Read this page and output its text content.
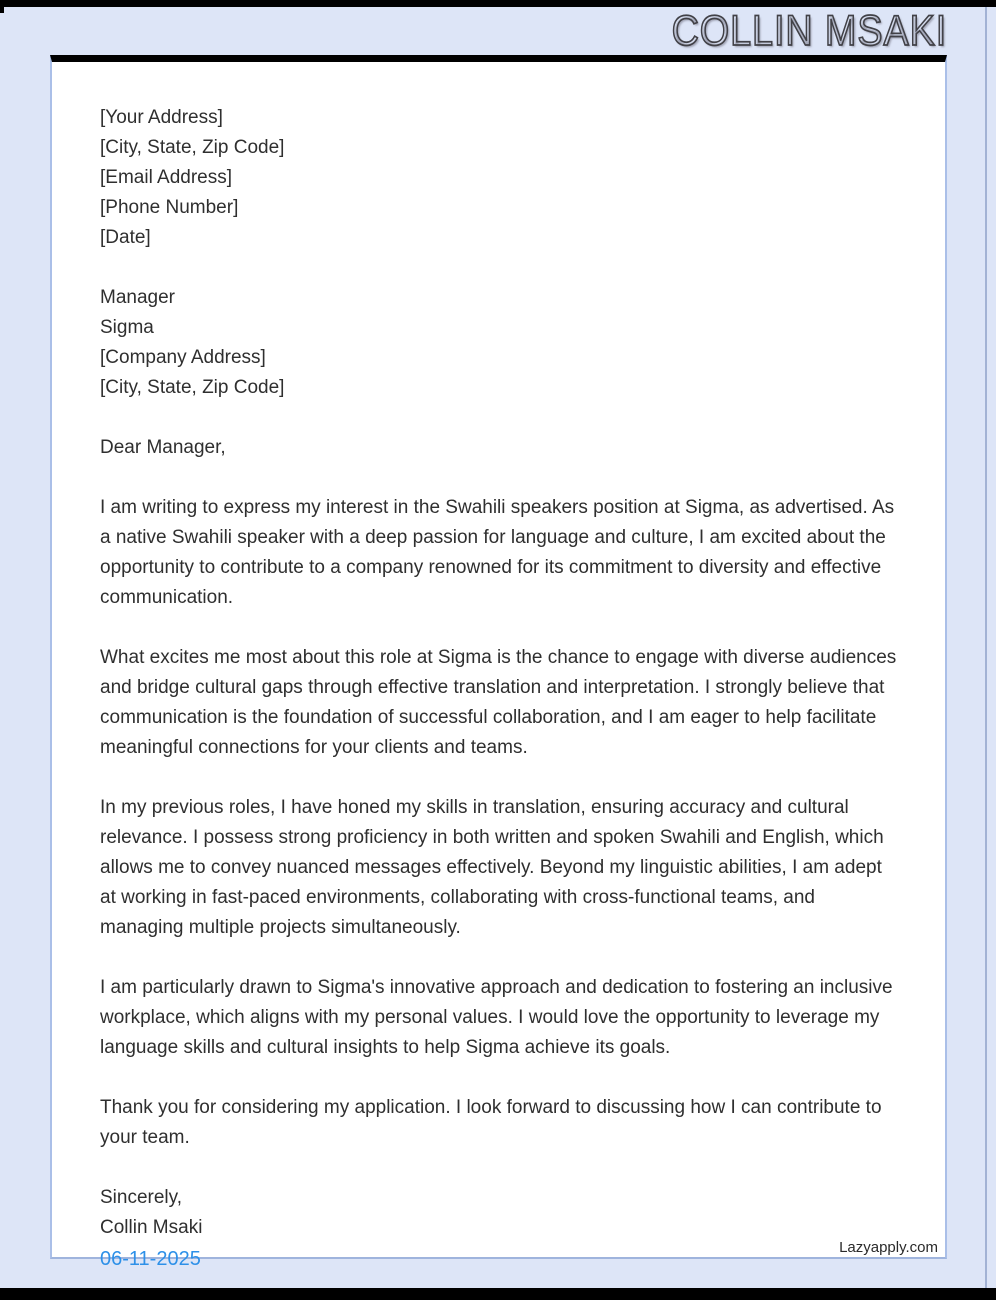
COLLIN MSAKI
[Your Address]
[City, State, Zip Code]
[Email Address]
[Phone Number]
[Date]
Manager
Sigma
[Company Address]
[City, State, Zip Code]
Dear Manager,

I am writing to express my interest in the Swahili speakers position at Sigma, as advertised. As a native Swahili speaker with a deep passion for language and culture, I am excited about the opportunity to contribute to a company renowned for its commitment to diversity and effective communication.

What excites me most about this role at Sigma is the chance to engage with diverse audiences and bridge cultural gaps through effective translation and interpretation. I strongly believe that communication is the foundation of successful collaboration, and I am eager to help facilitate meaningful connections for your clients and teams.

In my previous roles, I have honed my skills in translation, ensuring accuracy and cultural relevance. I possess strong proficiency in both written and spoken Swahili and English, which allows me to convey nuanced messages effectively. Beyond my linguistic abilities, I am adept at working in fast-paced environments, collaborating with cross-functional teams, and managing multiple projects simultaneously.

I am particularly drawn to Sigma's innovative approach and dedication to fostering an inclusive workplace, which aligns with my personal values. I would love the opportunity to leverage my language skills and cultural insights to help Sigma achieve its goals.

Thank you for considering my application. I look forward to discussing how I can contribute to your team.

Sincerely,
Collin Msaki
Lazyapply.com
06-11-2025
